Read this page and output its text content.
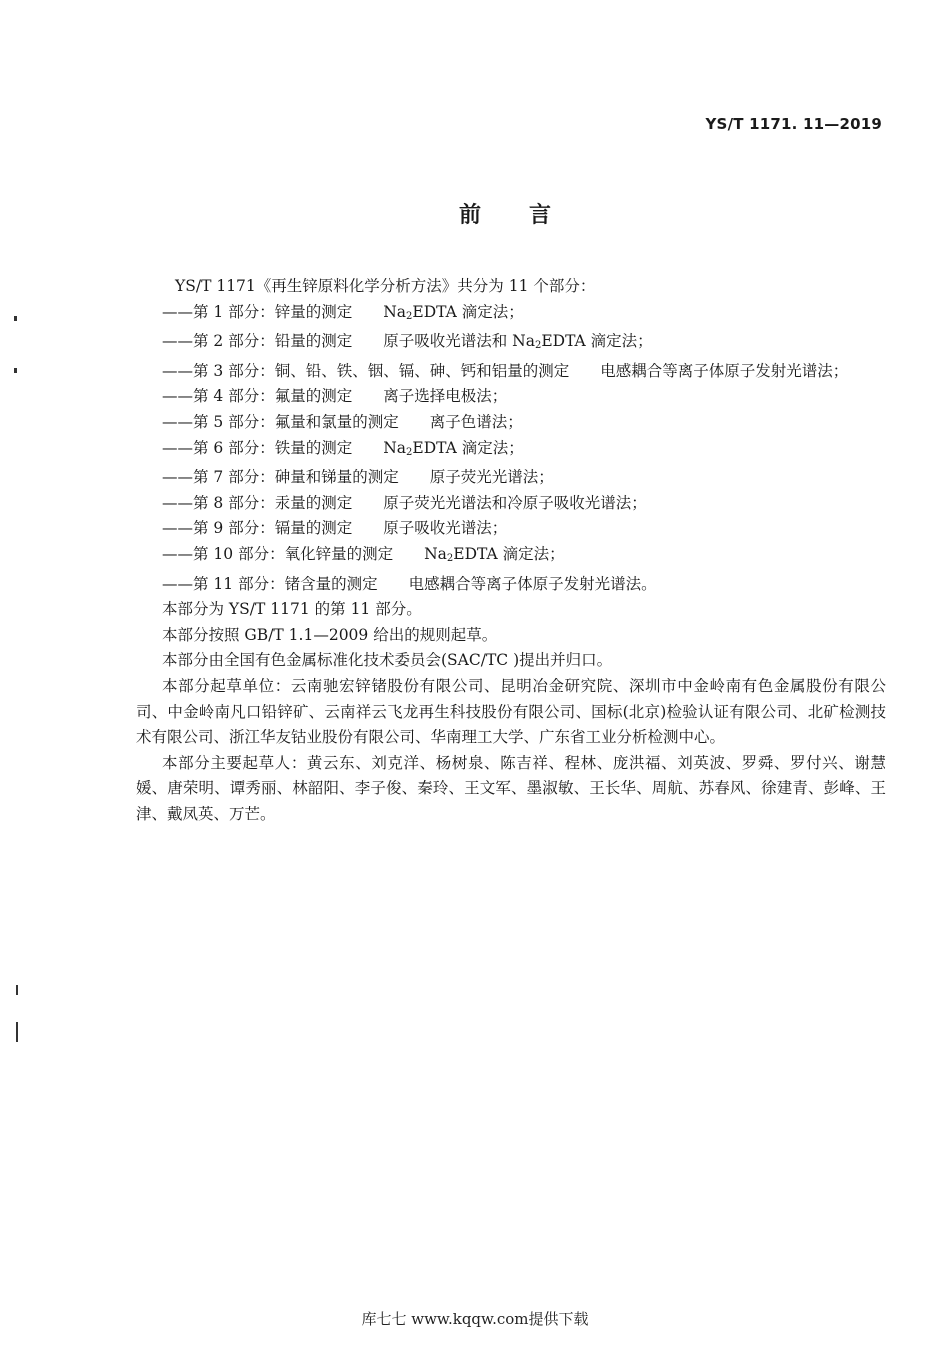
YS/T 1171. 11—2019
前 言
YS/T 1171《再生锌原料化学分析方法》共分为 11 个部分：
——第 1 部分：锌量的测定 $Na_2EDTA$ 滴定法；
——第 2 部分：铅量的测定 原子吸收光谱法和 $Na_2EDTA$ 滴定法；
——第 3 部分：铜、铅、铁、铟、镉、砷、钙和铝量的测定 电感耦合等离子体原子发射光谱法；
——第 4 部分：氟量的测定 离子选择电极法；
——第 5 部分：氟量和氯量的测定 离子色谱法；
——第 6 部分：铁量的测定 $Na_2EDTA$ 滴定法；
——第 7 部分：砷量和锑量的测定 原子荧光光谱法；
——第 8 部分：汞量的测定 原子荧光光谱法和冷原子吸收光谱法；
——第 9 部分：镉量的测定 原子吸收光谱法；
——第 10 部分：氧化锌量的测定 $Na_2EDTA$ 滴定法；
——第 11 部分：锗含量的测定 电感耦合等离子体原子发射光谱法。
本部分为 YS/T 1171 的第 11 部分。
本部分按照 GB/T 1.1—2009 给出的规则起草。
本部分由全国有色金属标准化技术委员会(SAC/TC )提出并归口。
本部分起草单位：云南驰宏锌锗股份有限公司、昆明冶金研究院、深圳市中金岭南有色金属股份有限公司、中金岭南凡口铅锌矿、云南祥云飞龙再生科技股份有限公司、国标(北京)检验认证有限公司、北矿检测技术有限公司、浙江华友钴业股份有限公司、华南理工大学、广东省工业分析检测中心。
本部分主要起草人：黄云东、刘克洋、杨树泉、陈吉祥、程林、庞洪福、刘英波、罗舜、罗付兴、谢慧媛、唐荣明、谭秀丽、林韶阳、李子俊、秦玲、王文军、墨淑敏、王长华、周航、苏春风、徐建青、彭峰、王津、戴凤英、万芒。
库七七 www.kqqw.com提供下载
